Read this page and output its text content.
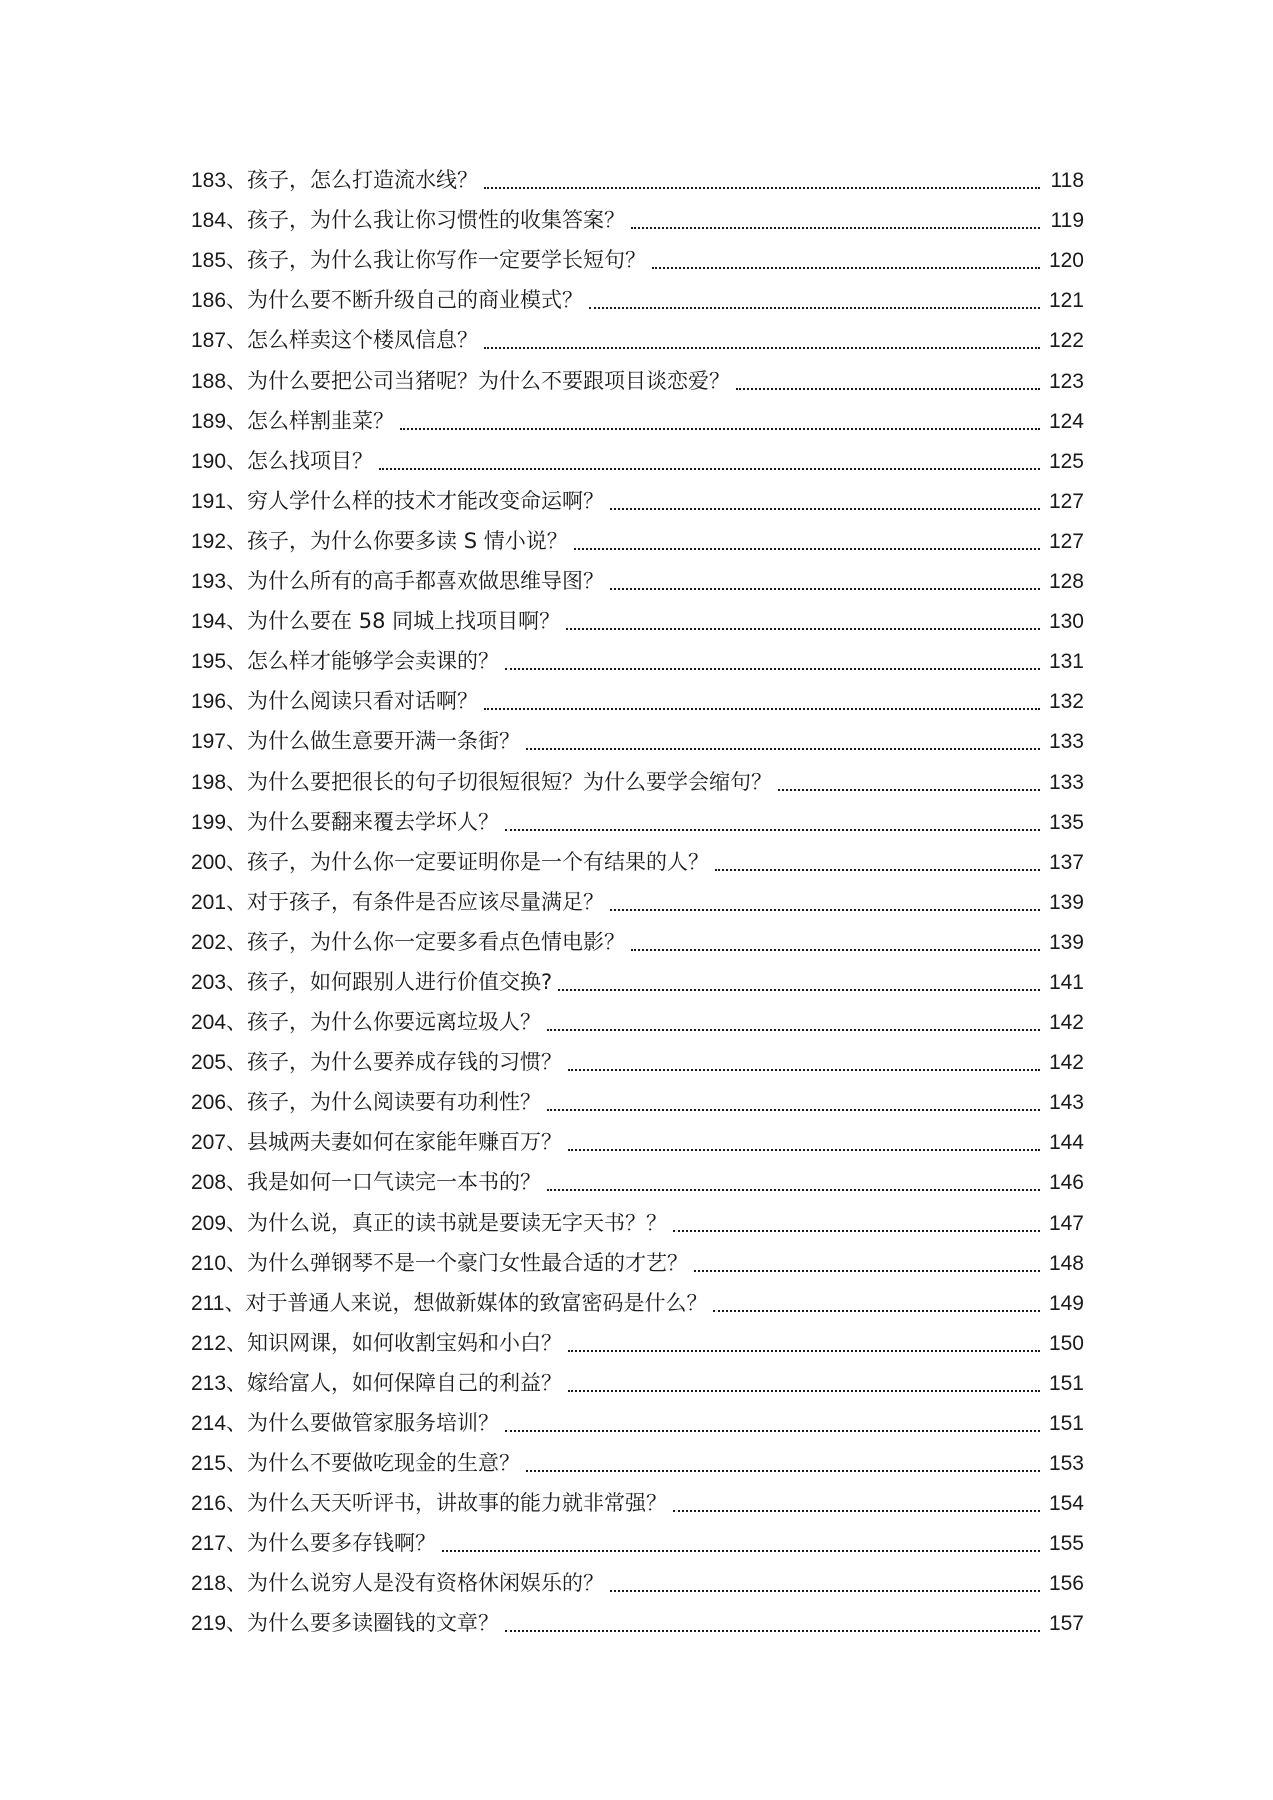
183、孩子，怎么打造流水线？	118
184、孩子，为什么我让你习惯性的收集答案？	119
185、孩子，为什么我让你写作一定要学长短句？	120
186、为什么要不断升级自己的商业模式？	121
187、怎么样卖这个楼凤信息？	122
188、为什么要把公司当猪呢？为什么不要跟项目谈恋爱？	123
189、怎么样割韭菜？	124
190、怎么找项目？	125
191、穷人学什么样的技术才能改变命运啊？	127
192、孩子，为什么你要多读 S 情小说？	127
193、为什么所有的高手都喜欢做思维导图？	128
194、为什么要在 58 同城上找项目啊？	130
195、怎么样才能够学会卖课的？	131
196、为什么阅读只看对话啊？	132
197、为什么做生意要开满一条街？	133
198、为什么要把很长的句子切很短很短？为什么要学会缩句？	133
199、为什么要翻来覆去学坏人？	135
200、孩子，为什么你一定要证明你是一个有结果的人？	137
201、对于孩子，有条件是否应该尽量满足？	139
202、孩子，为什么你一定要多看点色情电影？	139
203、孩子，如何跟别人进行价值交换?	141
204、孩子，为什么你要远离垃圾人？	142
205、孩子，为什么要养成存钱的习惯？	142
206、孩子，为什么阅读要有功利性？	143
207、县城两夫妻如何在家能年赚百万？	144
208、我是如何一口气读完一本书的？	146
209、为什么说，真正的读书就是要读无字天书？？	147
210、为什么弹钢琴不是一个豪门女性最合适的才艺？	148
211、对于普通人来说，想做新媒体的致富密码是什么？	149
212、知识网课，如何收割宝妈和小白？	150
213、嫁给富人，如何保障自己的利益？	151
214、为什么要做管家服务培训？	151
215、为什么不要做吃现金的生意？	153
216、为什么天天听评书，讲故事的能力就非常强？	154
217、为什么要多存钱啊？	155
218、为什么说穷人是没有资格休闲娱乐的？	156
219、为什么要多读圈钱的文章？	157
